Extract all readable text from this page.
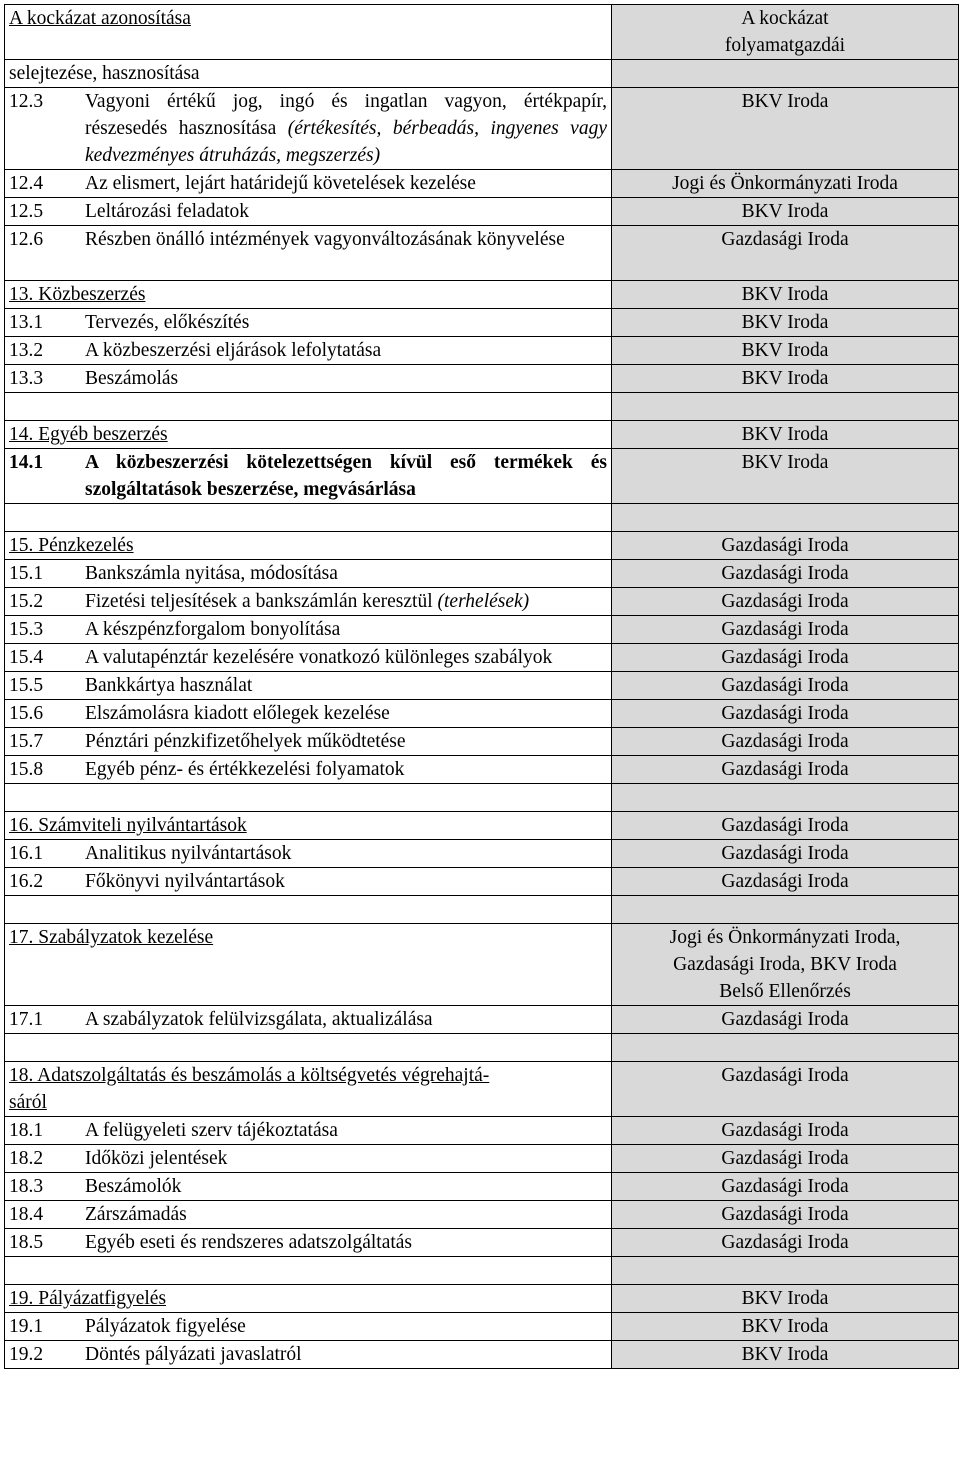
A kockázat azonosítása	A kockázat
folyamatgazdái

selejtezése, hasznosítása	

12.3 Vagyoni értékű jog, ingó és ingatlan vagyon, értékpapír, részesedés hasznosítása (értékesítés, bérbeadás, ingyenes vagy kedvezményes átruházás, megszerzés)	BKV Iroda

12.4 Az elismert, lejárt határidejű követelések kezelése	Jogi és Önkormányzati Iroda

12.5 Leltározási feladatok	BKV Iroda

12.6 Részben önálló intézmények vagyonváltozásának könyvelése	Gazdasági Iroda

13. Közbeszerzés	BKV Iroda

13.1 Tervezés, előkészítés	BKV Iroda

13.2 A közbeszerzési eljárások lefolytatása	BKV Iroda

13.3 Beszámolás	BKV Iroda

14. Egyéb beszerzés	BKV Iroda

14.1 A közbeszerzési kötelezettségen kívül eső termékek és szolgáltatások beszerzése, megvásárlása	BKV Iroda

15. Pénzkezelés	Gazdasági Iroda

15.1 Bankszámla nyitása, módosítása	Gazdasági Iroda

15.2 Fizetési teljesítések a bankszámlán keresztül (terhelések)	Gazdasági Iroda

15.3 A készpénzforgalom bonyolítása	Gazdasági Iroda

15.4 A valutapénztár kezelésére vonatkozó különleges szabályok	Gazdasági Iroda

15.5 Bankkártya használat	Gazdasági Iroda

15.6 Elszámolásra kiadott előlegek kezelése	Gazdasági Iroda

15.7 Pénztári pénzkifizetőhelyek működtetése	Gazdasági Iroda

15.8 Egyéb pénz- és értékkezelési folyamatok	Gazdasági Iroda

16. Számviteli nyilvántartások	Gazdasági Iroda

16.1 Analitikus nyilvántartások	Gazdasági Iroda

16.2 Főkönyvi nyilvántartások	Gazdasági Iroda

17. Szabályzatok kezelése	Jogi és Önkormányzati Iroda,
Gazdasági Iroda, BKV Iroda
Belső Ellenőrzés

17.1 A szabályzatok felülvizsgálata, aktualizálása	Gazdasági Iroda

18. Adatszolgáltatás és beszámolás a költségvetés végrehajtá-
sáról	Gazdasági Iroda

18.1 A felügyeleti szerv tájékoztatása	Gazdasági Iroda

18.2 Időközi jelentések	Gazdasági Iroda

18.3 Beszámolók	Gazdasági Iroda

18.4 Zárszámadás	Gazdasági Iroda

18.5 Egyéb eseti és rendszeres adatszolgáltatás	Gazdasági Iroda

19. Pályázatfigyelés	BKV Iroda

19.1 Pályázatok figyelése	BKV Iroda

19.2 Döntés pályázati javaslatról	BKV Iroda
